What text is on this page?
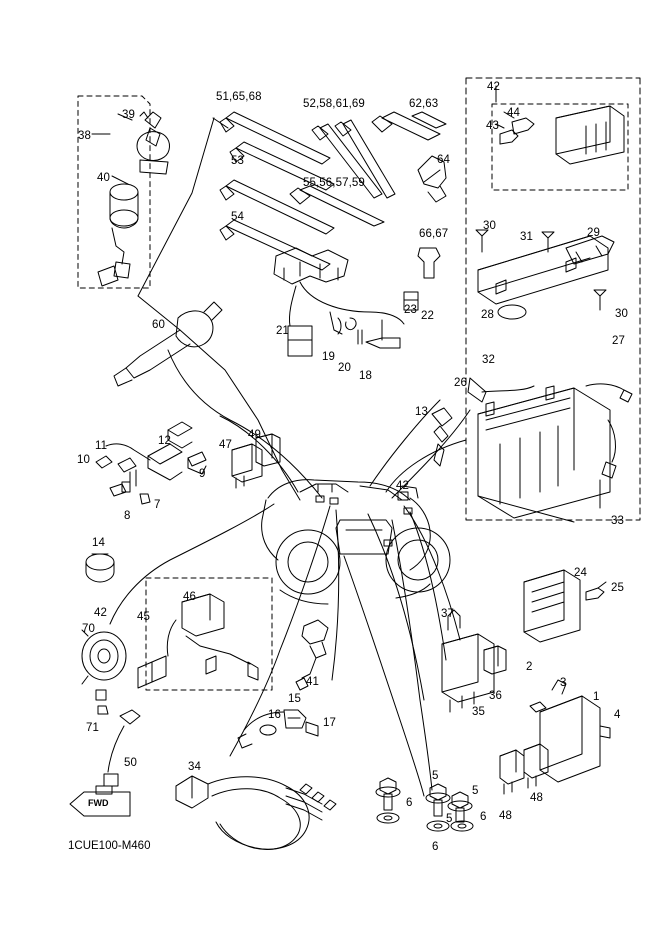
38
39
40
51,65,68
52,58,61,69	62,63
53
55,56,57,59
54
64
66,67
42
44
43
30
31	29
28	30
27
32
26
33
13
22
23
21
19
20
18
60
11	12
10
9
7
8
47
49
42
14
42	45
46
70
71
41
15
16
17
50	34
37
24
25
36
35
2
3
1
4
48
48
5
6
5
6
5
6
1CUE100-M460
FWD
